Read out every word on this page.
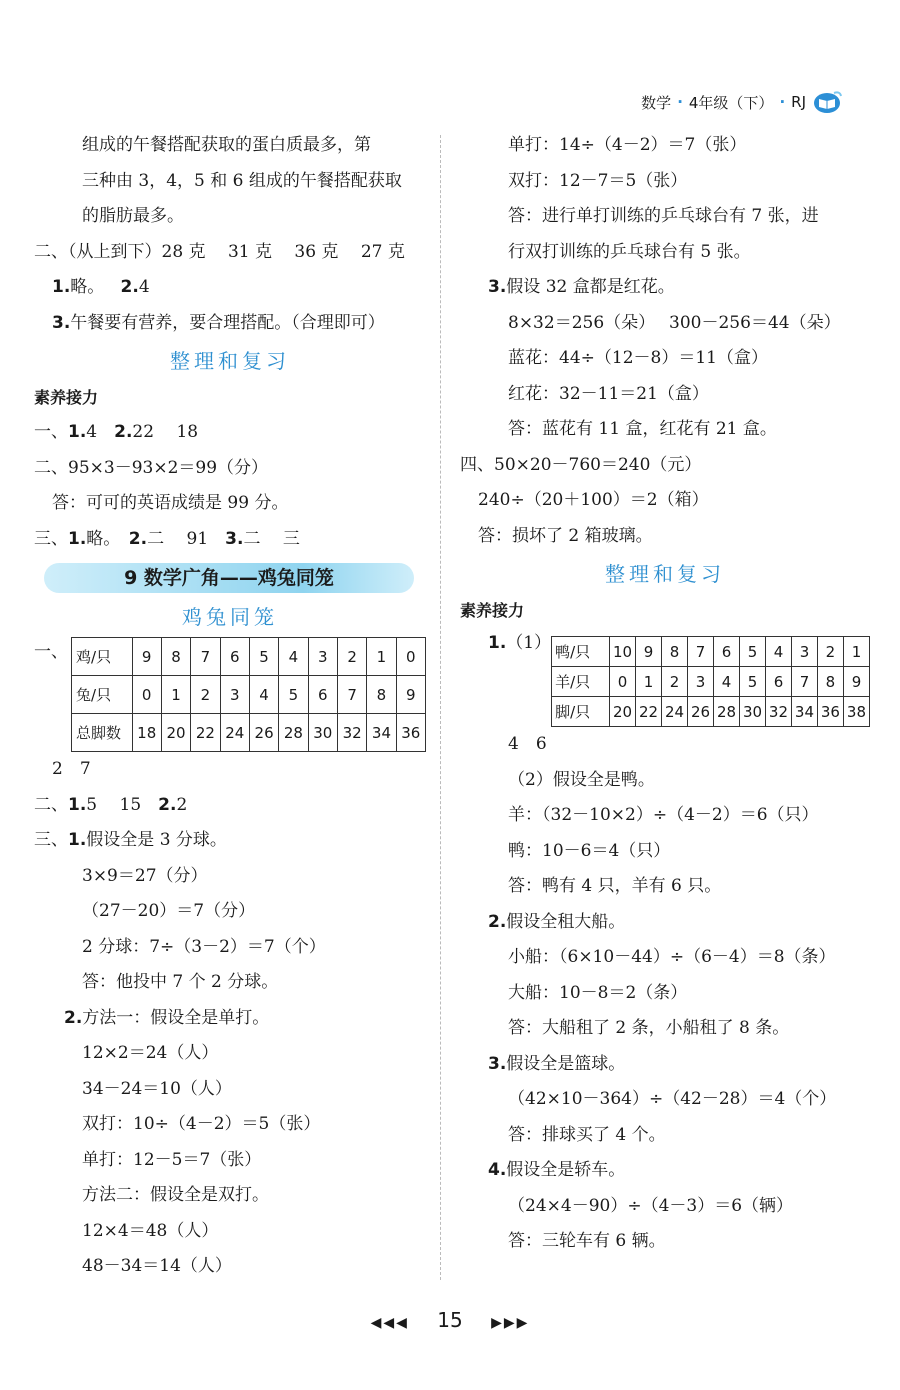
数学 · 4年级（下） · RJ
组成的午餐搭配获取的蛋白质最多，第
三种由 3，4，5 和 6 组成的午餐搭配获取
的脂肪最多。
二、（从上到下）28 克　 31 克　 36 克　 27 克
1.略。 2.4
3.午餐要有营养，要合理搭配。（合理即可）
整理和复习
素养接力
一、1.4　2.22　 18
二、95×3－93×2＝99（分）
答：可可的英语成绩是 99 分。
三、1.略。　2.二　 91　3.二　 三
9 数学广角——鸡兔同笼
鸡兔同笼
一、 鸡/只	9	8	7	6	5	4	3	2	1	0
兔/只	0	1	2	3	4	5	6	7	8	9
总脚数	18	20	22	24	26	28	30	32	34	36
2　7
二、1.5　 15　2.2
三、1.假设全是 3 分球。
3×9＝27（分）
（27－20）＝7（分）
2 分球：7÷（3－2）＝7（个）
答：他投中 7 个 2 分球。
2.方法一：假设全是单打。
12×2＝24（人）
34－24＝10（人）
双打：10÷（4－2）＝5（张）
单打：12－5＝7（张）
方法二：假设全是双打。
12×4＝48（人）
48－34＝14（人）
单打：14÷（4－2）＝7（张）
双打：12－7＝5（张）
答：进行单打训练的乒乓球台有 7 张，进
行双打训练的乒乓球台有 5 张。
3.假设 32 盒都是红花。
8×32＝256（朵）　 300－256＝44（朵）
蓝花：44÷（12－8）＝11（盒）
红花：32－11＝21（盒）
答：蓝花有 11 盒，红花有 21 盒。
四、50×20－760＝240（元）
240÷（20＋100）＝2（箱）
答：损坏了 2 箱玻璃。
整理和复习
素养接力
1. （1） 鸭/只	10	9	8	7	6	5	4	3	2	1
羊/只	0	1	2	3	4	5	6	7	8	9
脚/只	20	22	24	26	28	30	32	34	36	38
4　6
（2）假设全是鸭。
羊：（32－10×2）÷（4－2）＝6（只）
鸭：10－6＝4（只）
答：鸭有 4 只，羊有 6 只。
2.假设全租大船。
小船：（6×10－44）÷（6－4）＝8（条）
大船：10－8＝2（条）
答：大船租了 2 条，小船租了 8 条。
3.假设全是篮球。
（42×10－364）÷（42－28）＝4（个）
答：排球买了 4 个。
4.假设全是轿车。
（24×4－90）÷（4－3）＝6（辆）
答：三轮车有 6 辆。
◀◀◀ 15 ▶▶▶
